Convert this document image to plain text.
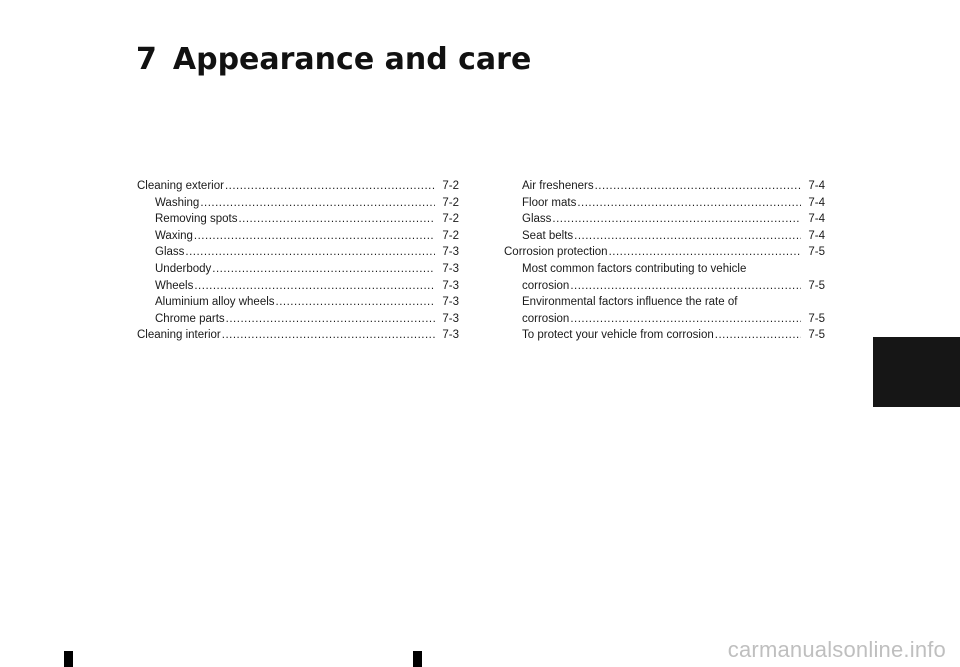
7 Appearance and care
Cleaning exterior .....	7-2
Washing .....	7-2
Removing spots .....	7-2
Waxing .....	7-2
Glass .....	7-3
Underbody .....	7-3
Wheels .....	7-3
Aluminium alloy wheels .....	7-3
Chrome parts .....	7-3
Cleaning interior .....	7-3
Air fresheners .....	7-4
Floor mats .....	7-4
Glass .....	7-4
Seat belts .....	7-4
Corrosion protection .....	7-5
Most common factors contributing to vehicle
corrosion .....	7-5
Environmental factors influence the rate of
corrosion .....	7-5
To protect your vehicle from corrosion .....	7-5
carmanualsonline.info
